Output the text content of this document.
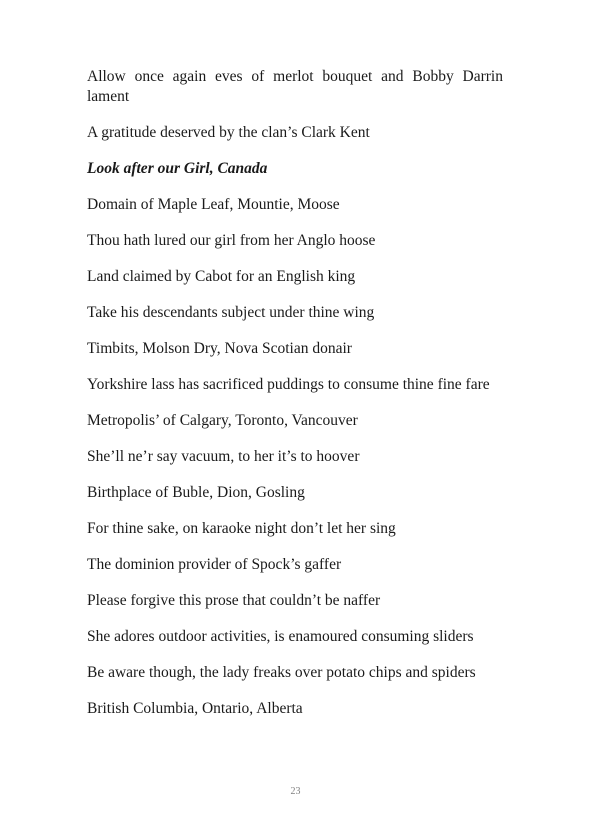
Allow once again eves of merlot bouquet and Bobby Darrin lament

A gratitude deserved by the clan’s Clark Kent

Look after our Girl, Canada

Domain of Maple Leaf, Mountie, Moose

Thou hath lured our girl from her Anglo hoose

Land claimed by Cabot for an English king

Take his descendants subject under thine wing

Timbits, Molson Dry, Nova Scotian donair

Yorkshire lass has sacrificed puddings to consume thine fine fare

Metropolis’ of Calgary, Toronto, Vancouver

She’ll ne’r say vacuum, to her it’s to hoover

Birthplace of Buble, Dion, Gosling

For thine sake, on karaoke night don’t let her sing

The dominion provider of Spock’s gaffer

Please forgive this prose that couldn’t be naffer

She adores outdoor activities, is enamoured consuming sliders

Be aware though, the lady freaks over potato chips and spiders

British Columbia, Ontario, Alberta

23
